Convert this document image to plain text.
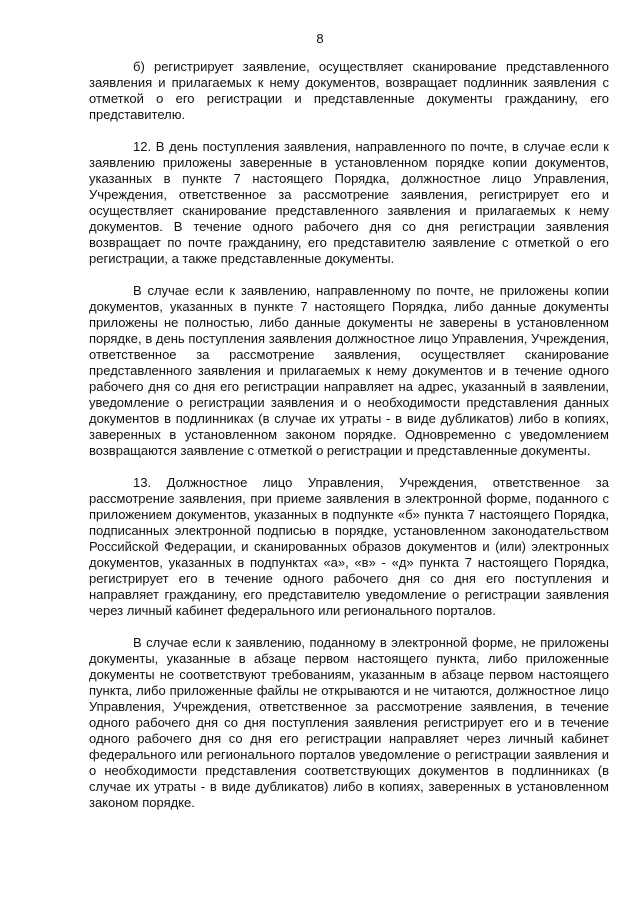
8

б) регистрирует заявление, осуществляет сканирование представленного заявления и прилагаемых к нему документов, возвращает подлинник заявления с отметкой о его регистрации и представленные документы гражданину, его представителю.

12. В день поступления заявления, направленного по почте, в случае если к заявлению приложены заверенные в установленном порядке копии документов, указанных в пункте 7 настоящего Порядка, должностное лицо Управления, Учреждения, ответственное за рассмотрение заявления, регистрирует его и осуществляет сканирование представленного заявления и прилагаемых к нему документов. В течение одного рабочего дня со дня регистрации заявления возвращает по почте гражданину, его представителю заявление с отметкой о его регистрации, а также представленные документы.

В случае если к заявлению, направленному по почте, не приложены копии документов, указанных в пункте 7 настоящего Порядка, либо данные документы приложены не полностью, либо данные документы не заверены в установленном порядке, в день поступления заявления должностное лицо Управления, Учреждения, ответственное за рассмотрение заявления, осуществляет сканирование представленного заявления и прилагаемых к нему документов и в течение одного рабочего дня со дня его регистрации направляет на адрес, указанный в заявлении, уведомление о регистрации заявления и о необходимости представления данных документов в подлинниках (в случае их утраты - в виде дубликатов) либо в копиях, заверенных в установленном законом порядке. Одновременно с уведомлением возвращаются заявление с отметкой о регистрации и представленные документы.

13. Должностное лицо Управления, Учреждения, ответственное за рассмотрение заявления, при приеме заявления в электронной форме, поданного с приложением документов, указанных в подпункте «б» пункта 7 настоящего Порядка, подписанных электронной подписью в порядке, установленном законодательством Российской Федерации, и сканированных образов документов и (или) электронных документов, указанных в подпунктах «а», «в» - «д» пункта 7 настоящего Порядка, регистрирует его в течение одного рабочего дня со дня его поступления и направляет гражданину, его представителю уведомление о регистрации заявления через личный кабинет федерального или регионального порталов.

В случае если к заявлению, поданному в электронной форме, не приложены документы, указанные в абзаце первом настоящего пункта, либо приложенные документы не соответствуют требованиям, указанным в абзаце первом настоящего пункта, либо приложенные файлы не открываются и не читаются, должностное лицо Управления, Учреждения, ответственное за рассмотрение заявления, в течение одного рабочего дня со дня поступления заявления регистрирует его и в течение одного рабочего дня со дня его регистрации направляет через личный кабинет федерального или регионального порталов уведомление о регистрации заявления и о необходимости представления соответствующих документов в подлинниках (в случае их утраты - в виде дубликатов) либо в копиях, заверенных в установленном законом порядке.
